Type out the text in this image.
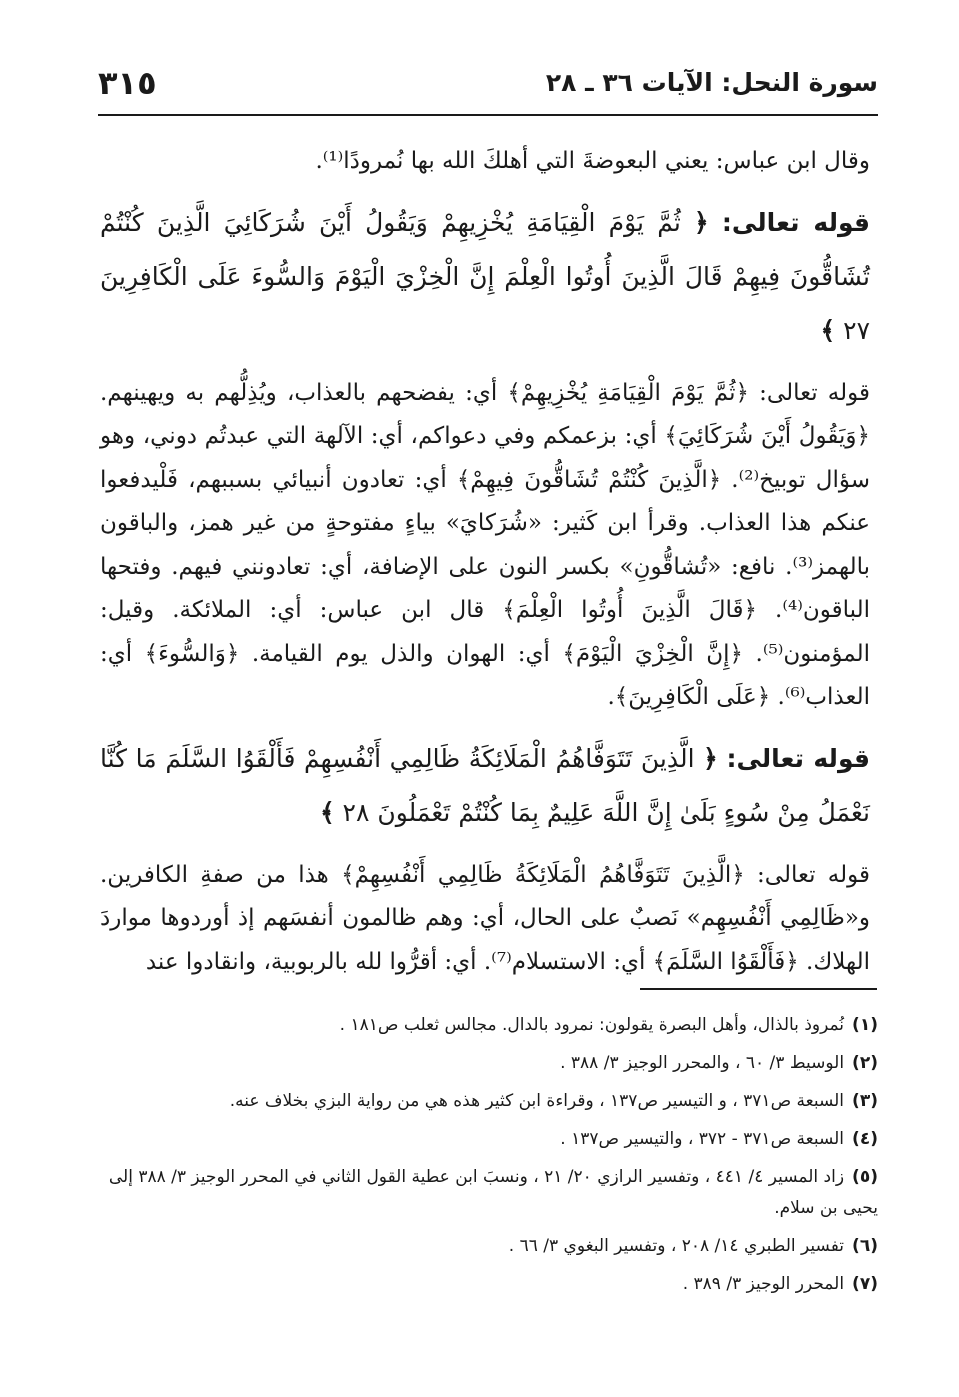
سورة النحل: الآيات ٣٦ ـ ٢٨
٣١٥

وقال ابن عباس: يعني البعوضةَ التي أهلكَ الله بها نُمرودًا⁽¹⁾.

قوله تعالى: ﴿ ثُمَّ يَوْمَ الْقِيَامَةِ يُخْزِيهِمْ وَيَقُولُ أَيْنَ شُرَكَائِيَ الَّذِينَ كُنْتُمْ تُشَاقُّونَ فِيهِمْ قَالَ الَّذِينَ أُوتُوا الْعِلْمَ إِنَّ الْخِزْيَ الْيَوْمَ وَالسُّوءَ عَلَى الْكَافِرِينَ ٢٧ ﴾

قوله تعالى: ﴿ثُمَّ يَوْمَ الْقِيَامَةِ يُخْزِيهِمْ﴾ أي: يفضحهم بالعذاب، ويُذِلُّهم به ويهينهم. ﴿وَيَقُولُ أَيْنَ شُرَكَائِيَ﴾ أي: بزعمكم وفي دعواكم، أي: الآلهة التي عبدتُم دوني، وهو سؤال توبيخ⁽²⁾. ﴿الَّذِينَ كُنْتُمْ تُشَاقُّونَ فِيهِمْ﴾ أي: تعادون أنبيائي بسببهم، فَلْيدفعوا عنكم هذا العذاب. وقرأ ابن كَثير: «شُرَكايَ» بياءٍ مفتوحةٍ من غير همز، والباقون بالهمز⁽³⁾. نافع: «تُشاقُّونِ» بكسر النون على الإضافة، أي: تعادونني فيهم. وفتحها الباقون⁽⁴⁾. ﴿قَالَ الَّذِينَ أُوتُوا الْعِلْمَ﴾ قال ابن عباس: أي: الملائكة. وقيل: المؤمنون⁽⁵⁾. ﴿إِنَّ الْخِزْيَ الْيَوْمَ﴾ أي: الهوان والذل يوم القيامة. ﴿وَالسُّوءَ﴾ أي: العذاب⁽⁶⁾. ﴿عَلَى الْكَافِرِينَ﴾.

قوله تعالى: ﴿ الَّذِينَ تَتَوَفَّاهُمُ الْمَلَائِكَةُ ظَالِمِي أَنْفُسِهِمْ فَأَلْقَوُا السَّلَمَ مَا كُنَّا نَعْمَلُ مِنْ سُوءٍ بَلَىٰ إِنَّ اللَّهَ عَلِيمٌ بِمَا كُنْتُمْ تَعْمَلُونَ ٢٨ ﴾

قوله تعالى: ﴿الَّذِينَ تَتَوَفَّاهُمُ الْمَلَائِكَةُ ظَالِمِي أَنْفُسِهِمْ﴾ هذا من صفةِ الكافرين. و«ظَالِمِي أَنْفُسِهِم» نَصبٌ على الحال، أي: وهم ظالمون أنفسَهم إذ أوردوها مواردَ الهلاك. ﴿فَأَلْقَوُا السَّلَمَ﴾ أي: الاستسلام⁽⁷⁾. أي: أقرُّوا لله بالربوبية، وانقادوا عند

(١)نُمروذ بالذال، وأهل البصرة يقولون: نمرود بالدال. مجالس ثعلب ص١٨١ .
(٢)الوسيط ٣/ ٦٠ ، والمحرر الوجيز ٣/ ٣٨٨ .
(٣)السبعة ص٣٧١ ، و التيسير ص١٣٧ ، وقراءة ابن كثير هذه هي من رواية البزي بخلاف عنه.
(٤)السبعة ص٣٧١ - ٣٧٢ ، والتيسير ص١٣٧ .
(٥)زاد المسير ٤/ ٤٤١ ، وتفسير الرازي ٢٠/ ٢١ ، ونسبَ ابن عطية القول الثاني في المحرر الوجيز ٣/ ٣٨٨ إلى يحيى بن سلام.
(٦)تفسير الطبري ١٤/ ٢٠٨ ، وتفسير البغوي ٣/ ٦٦ .
(٧)المحرر الوجيز ٣/ ٣٨٩ .
